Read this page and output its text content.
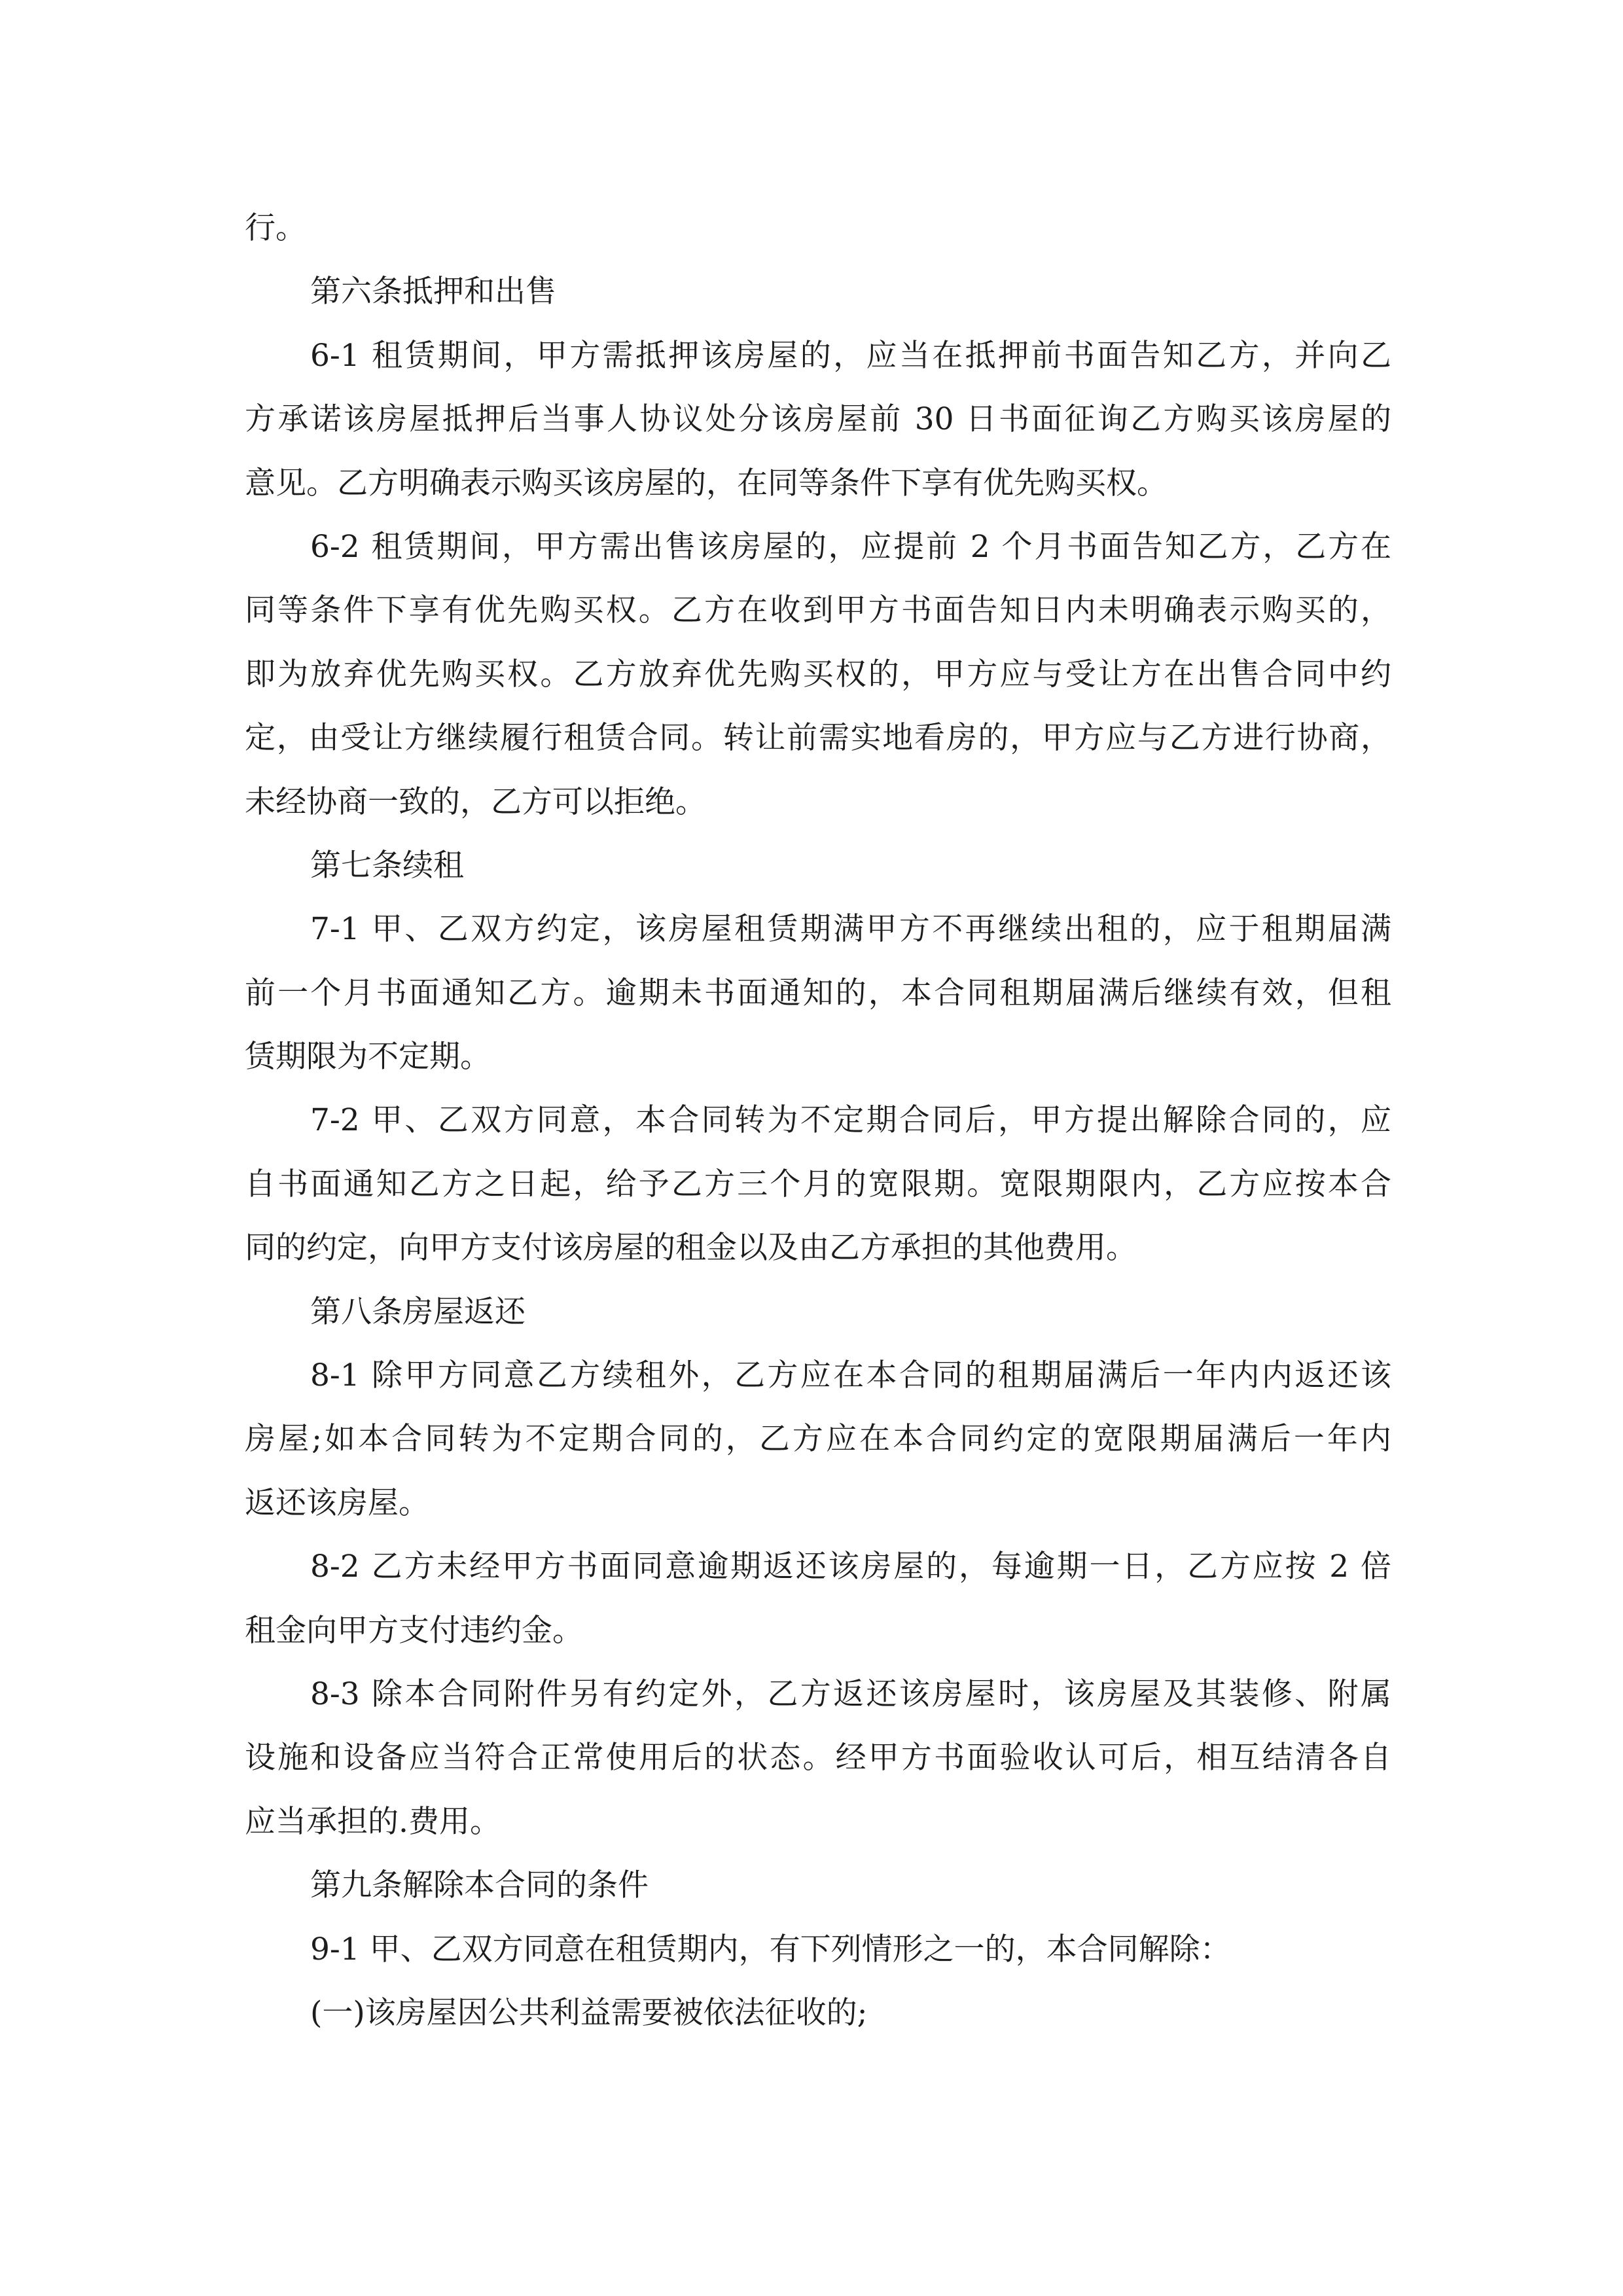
行。
第六条抵押和出售
6-1 租赁期间，甲方需抵押该房屋的，应当在抵押前书面告知乙方，并向乙
方承诺该房屋抵押后当事人协议处分该房屋前 30 日书面征询乙方购买该房屋的
意见。乙方明确表示购买该房屋的，在同等条件下享有优先购买权。
6-2 租赁期间，甲方需出售该房屋的，应提前 2 个月书面告知乙方，乙方在
同等条件下享有优先购买权。乙方在收到甲方书面告知日内未明确表示购买的，
即为放弃优先购买权。乙方放弃优先购买权的，甲方应与受让方在出售合同中约
定，由受让方继续履行租赁合同。转让前需实地看房的，甲方应与乙方进行协商，
未经协商一致的，乙方可以拒绝。
第七条续租
7-1 甲、乙双方约定，该房屋租赁期满甲方不再继续出租的，应于租期届满
前一个月书面通知乙方。逾期未书面通知的，本合同租期届满后继续有效，但租
赁期限为不定期。
7-2 甲、乙双方同意，本合同转为不定期合同后，甲方提出解除合同的，应
自书面通知乙方之日起，给予乙方三个月的宽限期。宽限期限内，乙方应按本合
同的约定，向甲方支付该房屋的租金以及由乙方承担的其他费用。
第八条房屋返还
8-1 除甲方同意乙方续租外，乙方应在本合同的租期届满后一年内内返还该
房屋;如本合同转为不定期合同的，乙方应在本合同约定的宽限期届满后一年内
返还该房屋。
8-2 乙方未经甲方书面同意逾期返还该房屋的，每逾期一日，乙方应按 2 倍
租金向甲方支付违约金。
8-3 除本合同附件另有约定外，乙方返还该房屋时，该房屋及其装修、附属
设施和设备应当符合正常使用后的状态。经甲方书面验收认可后，相互结清各自
应当承担的.费用。
第九条解除本合同的条件
9-1 甲、乙双方同意在租赁期内，有下列情形之一的，本合同解除：
(一)该房屋因公共利益需要被依法征收的;
